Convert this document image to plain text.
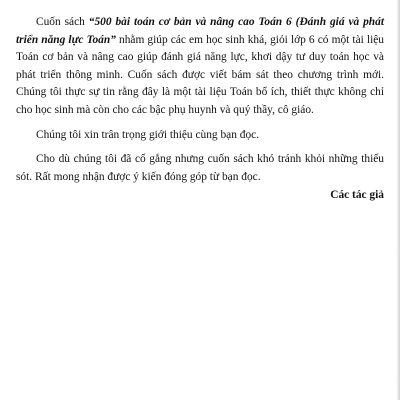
Cuốn sách “500 bài toán cơ bản và nâng cao Toán 6 (Đánh giá và phát triển năng lực Toán” nhằm giúp các em học sinh khá, giỏi lớp 6 có một tài liệu Toán cơ bản và nâng cao giúp đánh giá năng lực, khơi dậy tư duy toán học và phát triển thông minh. Cuốn sách được viết bám sát theo chương trình mới. Chúng tôi thực sự tin rằng đây là một tài liệu Toán bổ ích, thiết thực không chỉ cho học sinh mà còn cho các bậc phụ huynh và quý thầy, cô giáo.

Chúng tôi xin trân trọng giới thiệu cùng bạn đọc.

Cho dù chúng tôi đã cố gắng nhưng cuốn sách khó tránh khỏi những thiếu sót. Rất mong nhận được ý kiến đóng góp từ bạn đọc.

Các tác giả
